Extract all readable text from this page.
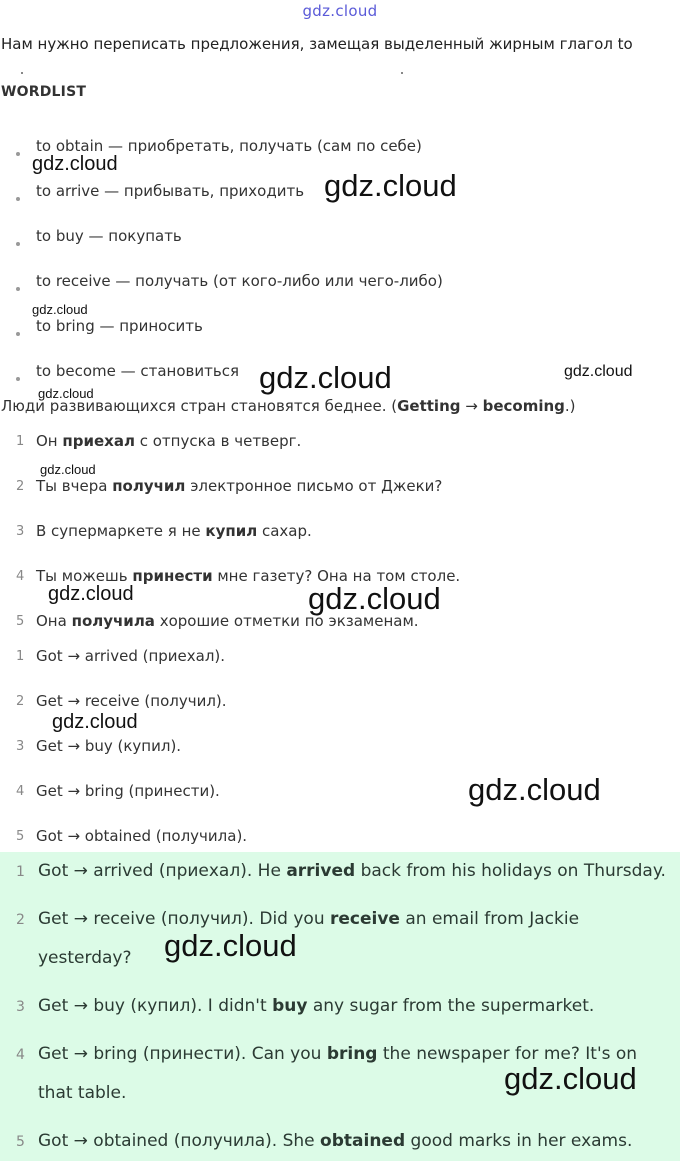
gdz.cloud
Нам нужно переписать предложения, замещая выделенный жирным глагол to
WORDLIST
to obtain — приобретать, получать (сам по себе)
to arrive — прибывать, приходить
to buy — покупать
to receive — получать (от кого-либо или чего-либо)
to bring — приносить
to become — становиться
Люди развивающихся стран становятся беднее. (Getting → becoming.)
1 Он приехал с отпуска в четверг.
2 Ты вчера получил электронное письмо от Джеки?
3 В супермаркете я не купил сахар.
4 Ты можешь принести мне газету? Она на том столе.
5 Она получила хорошие отметки по экзаменам.
1 Got → arrived (приехал).
2 Get → receive (получил).
3 Get → buy (купил).
4 Get → bring (принести).
5 Got → obtained (получила).
1 Got → arrived (приехал). He arrived back from his holidays on Thursday.
2 Get → receive (получил). Did you receive an email from Jackie
yesterday?
3 Get → buy (купил). I didn't buy any sugar from the supermarket.
4 Get → bring (принести). Can you bring the newspaper for me? It's on
that table.
5 Got → obtained (получила). She obtained good marks in her exams.
gdz.cloud
gdz.cloud
gdz.cloud
gdz.cloud	gdz.cloud
gdz.cloud
gdz.cloud
gdz.cloud	gdz.cloud
gdz.cloud
gdz.cloud
gdz.cloud
gdz.cloud
